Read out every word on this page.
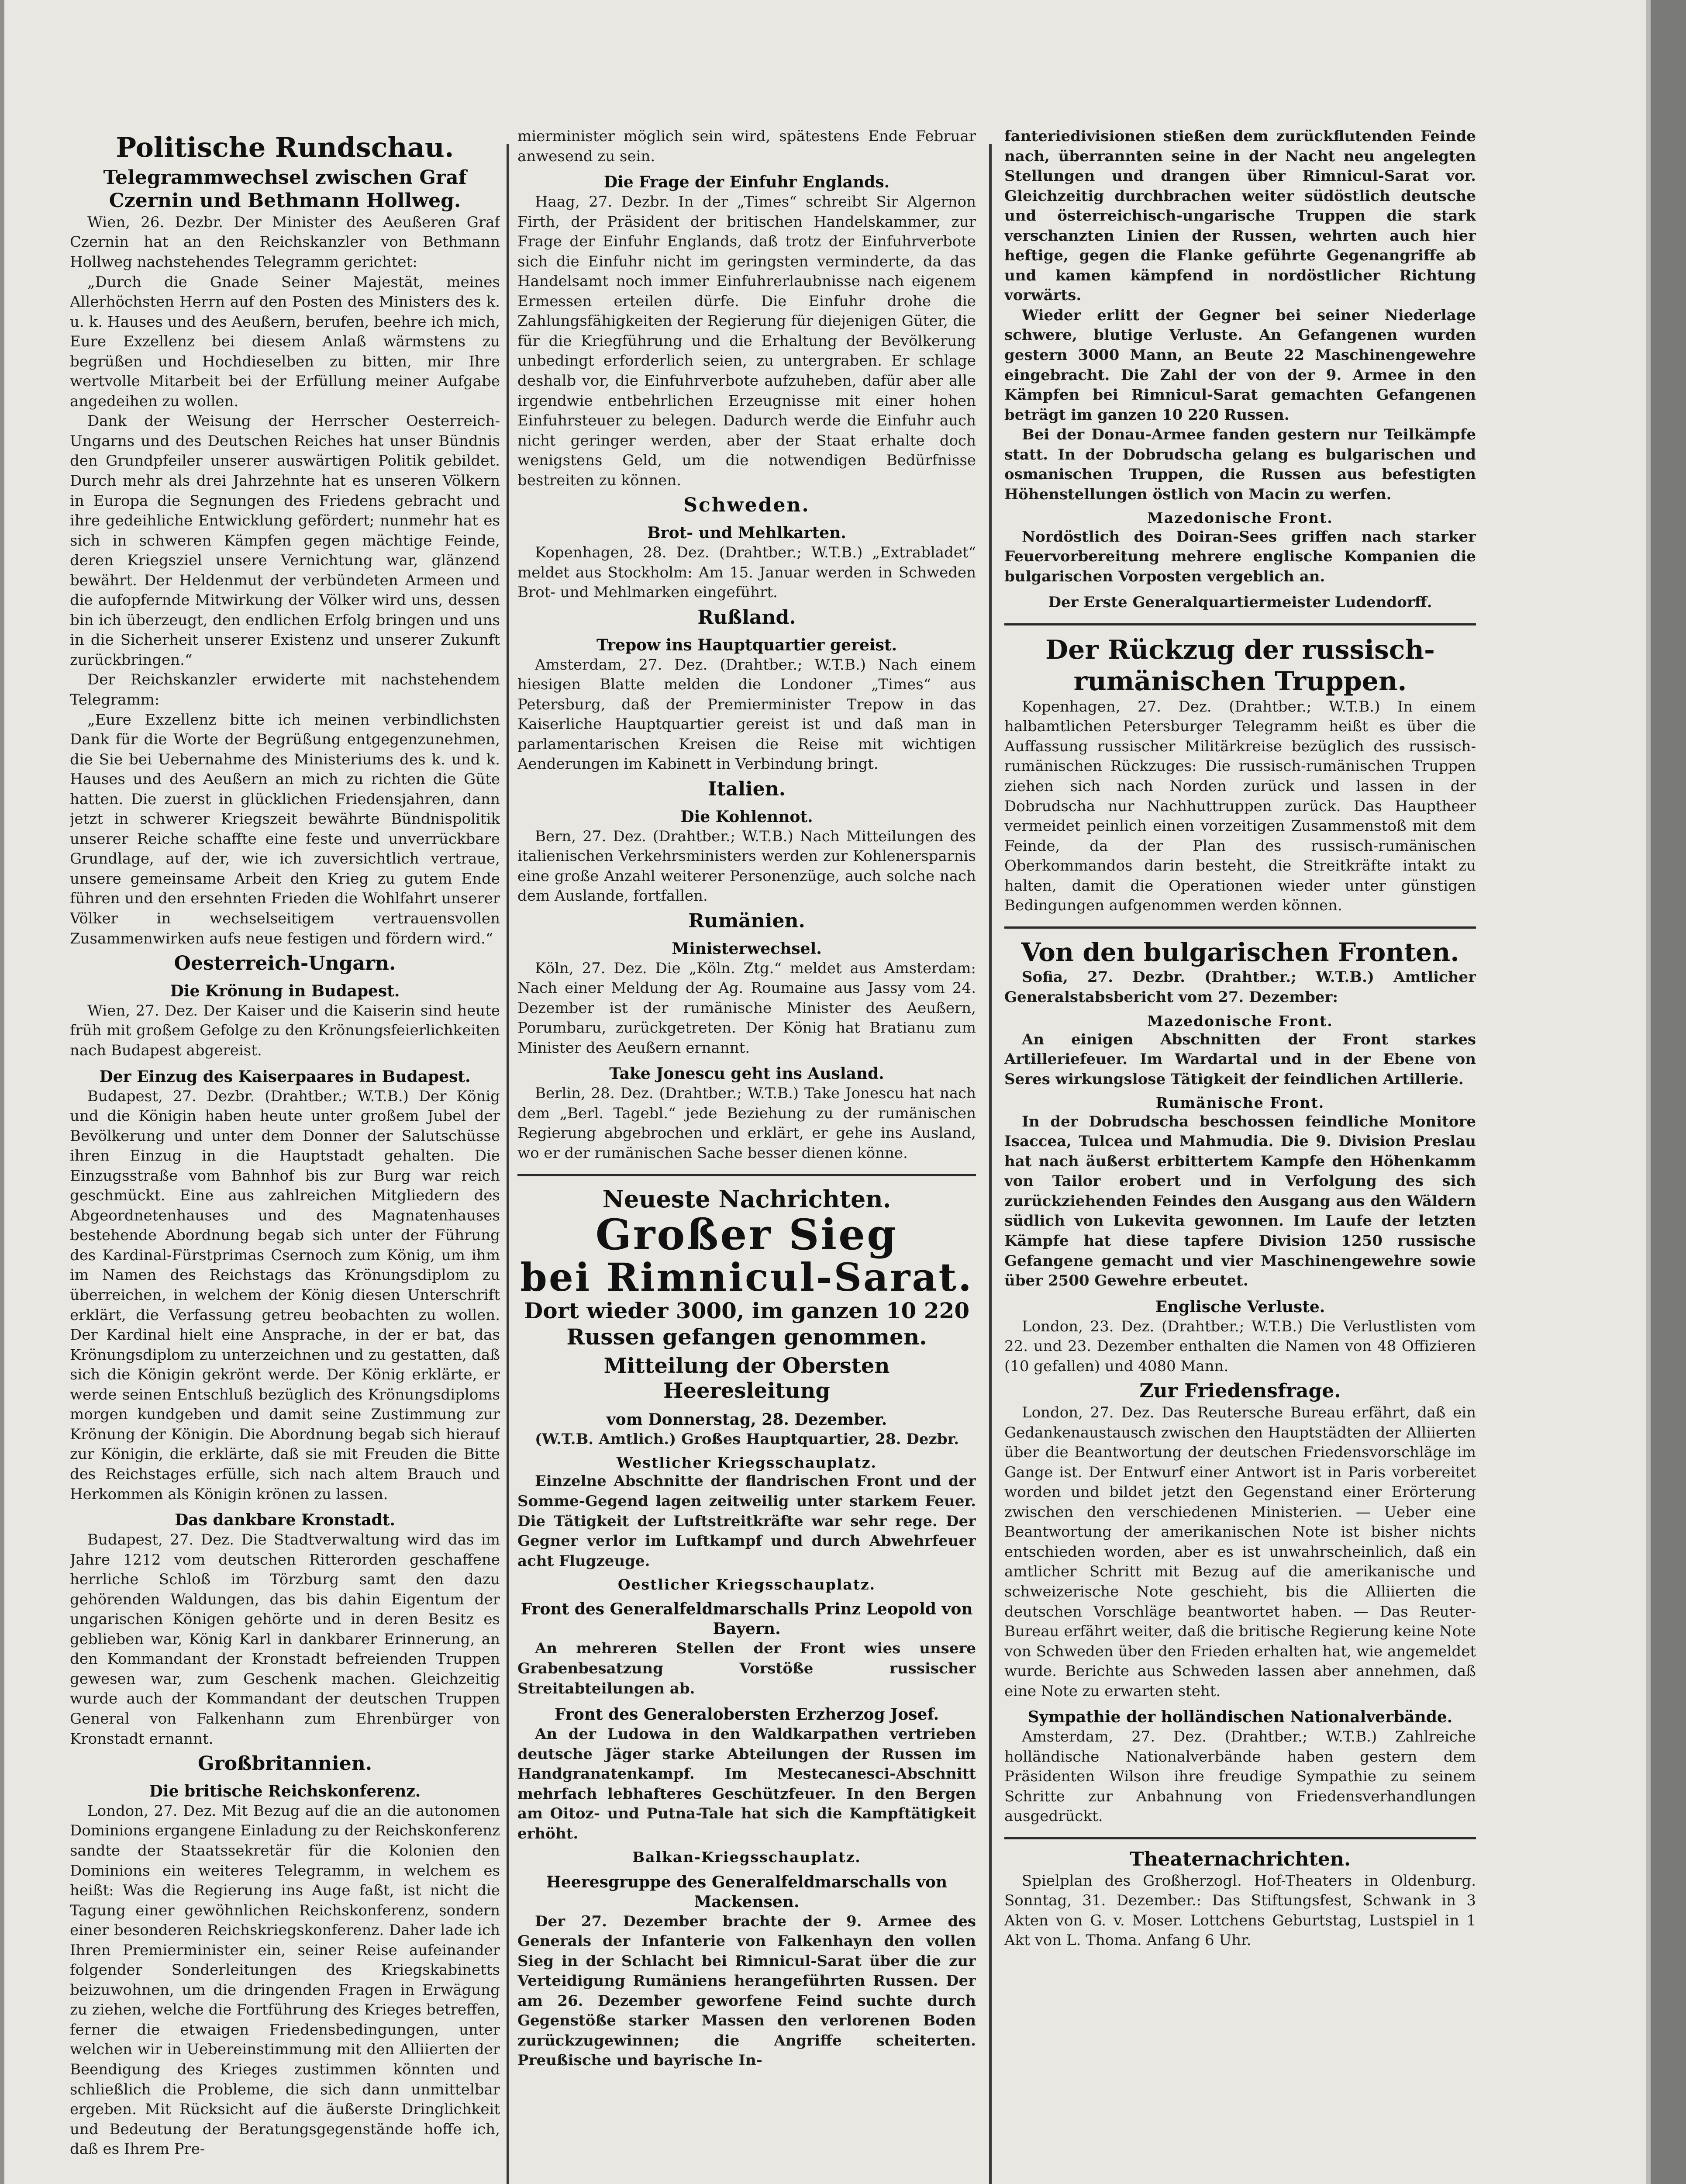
Politische Rundschau.
Telegrammwechsel zwischen Graf Czernin und Bethmann Hollweg.

Wien, 26. Dezbr. Der Minister des Aeußeren Graf Czernin hat an den Reichskanzler von Bethmann Hollweg nachstehendes Telegramm gerichtet:

„Durch die Gnade Seiner Majestät, meines Allerhöchsten Herrn auf den Posten des Ministers des k. u. k. Hauses und des Aeußern, berufen, beehre ich mich, Eure Exzellenz bei diesem Anlaß wärmstens zu begrüßen und Hochdieselben zu bitten, mir Ihre wertvolle Mitarbeit bei der Erfüllung meiner Aufgabe angedeihen zu wollen.

Dank der Weisung der Herrscher Oesterreich-Ungarns und des Deutschen Reiches hat unser Bündnis den Grundpfeiler unserer auswärtigen Politik gebildet. Durch mehr als drei Jahrzehnte hat es unseren Völkern in Europa die Segnungen des Friedens gebracht und ihre gedeihliche Entwicklung gefördert; nunmehr hat es sich in schweren Kämpfen gegen mächtige Feinde, deren Kriegsziel unsere Vernichtung war, glänzend bewährt. Der Heldenmut der verbündeten Armeen und die aufopfernde Mitwirkung der Völker wird uns, dessen bin ich überzeugt, den endlichen Erfolg bringen und uns in die Sicherheit unserer Existenz und unserer Zukunft zurückbringen.“

Der Reichskanzler erwiderte mit nachstehendem Telegramm:

„Eure Exzellenz bitte ich meinen verbindlichsten Dank für die Worte der Begrüßung entgegenzunehmen, die Sie bei Uebernahme des Ministeriums des k. und k. Hauses und des Aeußern an mich zu richten die Güte hatten. Die zuerst in glücklichen Friedensjahren, dann jetzt in schwerer Kriegszeit bewährte Bündnispolitik unserer Reiche schaffte eine feste und unverrückbare Grundlage, auf der, wie ich zuversichtlich vertraue, unsere gemeinsame Arbeit den Krieg zu gutem Ende führen und den ersehnten Frieden die Wohlfahrt unserer Völker in wechselseitigem vertrauensvollen Zusammenwirken aufs neue festigen und fördern wird.“

Oesterreich-Ungarn.
Die Krönung in Budapest.

Wien, 27. Dez. Der Kaiser und die Kaiserin sind heute früh mit großem Gefolge zu den Krönungsfeierlichkeiten nach Budapest abgereist.

Der Einzug des Kaiserpaares in Budapest.

Budapest, 27. Dezbr. (Drahtber.; W.T.B.) Der König und die Königin haben heute unter großem Jubel der Bevölkerung und unter dem Donner der Salutschüsse ihren Einzug in die Hauptstadt gehalten. Die Einzugsstraße vom Bahnhof bis zur Burg war reich geschmückt. Eine aus zahlreichen Mitgliedern des Abgeordnetenhauses und des Magnatenhauses bestehende Abordnung begab sich unter der Führung des Kardinal-Fürstprimas Csernoch zum König, um ihm im Namen des Reichstags das Krönungsdiplom zu überreichen, in welchem der König diesen Unterschrift erklärt, die Verfassung getreu beobachten zu wollen. Der Kardinal hielt eine Ansprache, in der er bat, das Krönungsdiplom zu unterzeichnen und zu gestatten, daß sich die Königin gekrönt werde. Der König erklärte, er werde seinen Entschluß bezüglich des Krönungsdiploms morgen kundgeben und damit seine Zustimmung zur Krönung der Königin. Die Abordnung begab sich hierauf zur Königin, die erklärte, daß sie mit Freuden die Bitte des Reichstages erfülle, sich nach altem Brauch und Herkommen als Königin krönen zu lassen.

Das dankbare Kronstadt.

Budapest, 27. Dez. Die Stadtverwaltung wird das im Jahre 1212 vom deutschen Ritterorden geschaffene herrliche Schloß im Törzburg samt den dazu gehörenden Waldungen, das bis dahin Eigentum der ungarischen Königen gehörte und in deren Besitz es geblieben war, König Karl in dankbarer Erinnerung, an den Kommandant der Kronstadt befreienden Truppen gewesen war, zum Geschenk machen. Gleichzeitig wurde auch der Kommandant der deutschen Truppen General von Falkenhann zum Ehrenbürger von Kronstadt ernannt.

Großbritannien.
Die britische Reichskonferenz.

London, 27. Dez. Mit Bezug auf die an die autonomen Dominions ergangene Einladung zu der Reichskonferenz sandte der Staatssekretär für die Kolonien den Dominions ein weiteres Telegramm, in welchem es heißt: Was die Regierung ins Auge faßt, ist nicht die Tagung einer gewöhnlichen Reichskonferenz, sondern einer besonderen Reichskriegskonferenz. Daher lade ich Ihren Premierminister ein, seiner Reise aufeinander folgender Sonderleitungen des Kriegskabinetts beizuwohnen, um die dringenden Fragen in Erwägung zu ziehen, welche die Fortführung des Krieges betreffen, ferner die etwaigen Friedensbedingungen, unter welchen wir in Uebereinstimmung mit den Alliierten der Beendigung des Krieges zustimmen könnten und schließlich die Probleme, die sich dann unmittelbar ergeben. Mit Rücksicht auf die äußerste Dringlichkeit und Bedeutung der Beratungsgegenstände hoffe ich, daß es Ihrem Pre-

mierminister möglich sein wird, spätestens Ende Februar anwesend zu sein.

Die Frage der Einfuhr Englands.

Haag, 27. Dezbr. In der „Times“ schreibt Sir Algernon Firth, der Präsident der britischen Handelskammer, zur Frage der Einfuhr Englands, daß trotz der Einfuhrverbote sich die Einfuhr nicht im geringsten verminderte, da das Handelsamt noch immer Einfuhrerlaubnisse nach eigenem Ermessen erteilen dürfe. Die Einfuhr drohe die Zahlungsfähigkeiten der Regierung für diejenigen Güter, die für die Kriegführung und die Erhaltung der Bevölkerung unbedingt erforderlich seien, zu untergraben. Er schlage deshalb vor, die Einfuhrverbote aufzuheben, dafür aber alle irgendwie entbehrlichen Erzeugnisse mit einer hohen Einfuhrsteuer zu belegen. Dadurch werde die Einfuhr auch nicht geringer werden, aber der Staat erhalte doch wenigstens Geld, um die notwendigen Bedürfnisse bestreiten zu können.

Schweden.
Brot- und Mehlkarten.

Kopenhagen, 28. Dez. (Drahtber.; W.T.B.) „Extrabladet“ meldet aus Stockholm: Am 15. Januar werden in Schweden Brot- und Mehlmarken eingeführt.

Rußland.
Trepow ins Hauptquartier gereist.

Amsterdam, 27. Dez. (Drahtber.; W.T.B.) Nach einem hiesigen Blatte melden die Londoner „Times“ aus Petersburg, daß der Premierminister Trepow in das Kaiserliche Hauptquartier gereist ist und daß man in parlamentarischen Kreisen die Reise mit wichtigen Aenderungen im Kabinett in Verbindung bringt.

Italien.
Die Kohlennot.

Bern, 27. Dez. (Drahtber.; W.T.B.) Nach Mitteilungen des italienischen Verkehrsministers werden zur Kohlenersparnis eine große Anzahl weiterer Personenzüge, auch solche nach dem Auslande, fortfallen.

Rumänien.
Ministerwechsel.

Köln, 27. Dez. Die „Köln. Ztg.“ meldet aus Amsterdam: Nach einer Meldung der Ag. Roumaine aus Jassy vom 24. Dezember ist der rumänische Minister des Aeußern, Porumbaru, zurückgetreten. Der König hat Bratianu zum Minister des Aeußern ernannt.

Take Jonescu geht ins Ausland.

Berlin, 28. Dez. (Drahtber.; W.T.B.) Take Jonescu hat nach dem „Berl. Tagebl.“ jede Beziehung zu der rumänischen Regierung abgebrochen und erklärt, er gehe ins Ausland, wo er der rumänischen Sache besser dienen könne.

Neueste Nachrichten.
Großer Sieg
bei Rimnicul-Sarat.
Dort wieder 3000, im ganzen 10 220 Russen gefangen genommen.
Mitteilung der Obersten Heeresleitung
vom Donnerstag, 28. Dezember.

(W.T.B. Amtlich.) Großes Hauptquartier, 28. Dezbr.

Westlicher Kriegsschauplatz.

Einzelne Abschnitte der flandrischen Front und der Somme-Gegend lagen zeitweilig unter starkem Feuer. Die Tätigkeit der Luftstreitkräfte war sehr rege. Der Gegner verlor im Luftkampf und durch Abwehrfeuer acht Flugzeuge.

Oestlicher Kriegsschauplatz.
Front des Generalfeldmarschalls Prinz Leopold von Bayern.

An mehreren Stellen der Front wies unsere Grabenbesatzung Vorstöße russischer Streitabteilungen ab.

Front des Generalobersten Erzherzog Josef.

An der Ludowa in den Waldkarpathen vertrieben deutsche Jäger starke Abteilungen der Russen im Handgranatenkampf. Im Mestecanesci-Abschnitt mehrfach lebhafteres Geschützfeuer. In den Bergen am Oitoz- und Putna-Tale hat sich die Kampftätigkeit erhöht.

Balkan-Kriegsschauplatz.
Heeresgruppe des Generalfeldmarschalls von Mackensen.

Der 27. Dezember brachte der 9. Armee des Generals der Infanterie von Falkenhayn den vollen Sieg in der Schlacht bei Rimnicul-Sarat über die zur Verteidigung Rumäniens herangeführten Russen. Der am 26. Dezember geworfene Feind suchte durch Gegenstöße starker Massen den verlorenen Boden zurückzugewinnen; die Angriffe scheiterten. Preußische und bayrische In-

fanteriedivisionen stießen dem zurückflutenden Feinde nach, überrannten seine in der Nacht neu angelegten Stellungen und drangen über Rimnicul-Sarat vor. Gleichzeitig durchbrachen weiter südöstlich deutsche und österreichisch-ungarische Truppen die stark verschanzten Linien der Russen, wehrten auch hier heftige, gegen die Flanke geführte Gegenangriffe ab und kamen kämpfend in nordöstlicher Richtung vorwärts.

Wieder erlitt der Gegner bei seiner Niederlage schwere, blutige Verluste. An Gefangenen wurden gestern 3000 Mann, an Beute 22 Maschinengewehre eingebracht. Die Zahl der von der 9. Armee in den Kämpfen bei Rimnicul-Sarat gemachten Gefangenen beträgt im ganzen 10 220 Russen.

Bei der Donau-Armee fanden gestern nur Teilkämpfe statt. In der Dobrudscha gelang es bulgarischen und osmanischen Truppen, die Russen aus befestigten Höhenstellungen östlich von Macin zu werfen.

Mazedonische Front.

Nordöstlich des Doiran-Sees griffen nach starker Feuervorbereitung mehrere englische Kompanien die bulgarischen Vorposten vergeblich an.

Der Erste Generalquartiermeister Ludendorff.

Der Rückzug der russisch-rumänischen Truppen.

Kopenhagen, 27. Dez. (Drahtber.; W.T.B.) In einem halbamtlichen Petersburger Telegramm heißt es über die Auffassung russischer Militärkreise bezüglich des russisch-rumänischen Rückzuges: Die russisch-rumänischen Truppen ziehen sich nach Norden zurück und lassen in der Dobrudscha nur Nachhuttruppen zurück. Das Hauptheer vermeidet peinlich einen vorzeitigen Zusammenstoß mit dem Feinde, da der Plan des russisch-rumänischen Oberkommandos darin besteht, die Streitkräfte intakt zu halten, damit die Operationen wieder unter günstigen Bedingungen aufgenommen werden können.

Von den bulgarischen Fronten.

Sofia, 27. Dezbr. (Drahtber.; W.T.B.) Amtlicher Generalstabsbericht vom 27. Dezember:

Mazedonische Front.

An einigen Abschnitten der Front starkes Artilleriefeuer. Im Wardartal und in der Ebene von Seres wirkungslose Tätigkeit der feindlichen Artillerie.

Rumänische Front.

In der Dobrudscha beschossen feindliche Monitore Isaccea, Tulcea und Mahmudia. Die 9. Division Preslau hat nach äußerst erbittertem Kampfe den Höhenkamm von Tailor erobert und in Verfolgung des sich zurückziehenden Feindes den Ausgang aus den Wäldern südlich von Lukevita gewonnen. Im Laufe der letzten Kämpfe hat diese tapfere Division 1250 russische Gefangene gemacht und vier Maschinengewehre sowie über 2500 Gewehre erbeutet.

Englische Verluste.

London, 23. Dez. (Drahtber.; W.T.B.) Die Verlustlisten vom 22. und 23. Dezember enthalten die Namen von 48 Offizieren (10 gefallen) und 4080 Mann.

Zur Friedensfrage.

London, 27. Dez. Das Reutersche Bureau erfährt, daß ein Gedankenaustausch zwischen den Hauptstädten der Alliierten über die Beantwortung der deutschen Friedensvorschläge im Gange ist. Der Entwurf einer Antwort ist in Paris vorbereitet worden und bildet jetzt den Gegenstand einer Erörterung zwischen den verschiedenen Ministerien. — Ueber eine Beantwortung der amerikanischen Note ist bisher nichts entschieden worden, aber es ist unwahrscheinlich, daß ein amtlicher Schritt mit Bezug auf die amerikanische und schweizerische Note geschieht, bis die Alliierten die deutschen Vorschläge beantwortet haben. — Das Reuter-Bureau erfährt weiter, daß die britische Regierung keine Note von Schweden über den Frieden erhalten hat, wie angemeldet wurde. Berichte aus Schweden lassen aber annehmen, daß eine Note zu erwarten steht.

Sympathie der holländischen Nationalverbände.

Amsterdam, 27. Dez. (Drahtber.; W.T.B.) Zahlreiche holländische Nationalverbände haben gestern dem Präsidenten Wilson ihre freudige Sympathie zu seinem Schritte zur Anbahnung von Friedensverhandlungen ausgedrückt.

Theaternachrichten.

Spielplan des Großherzogl. Hof-Theaters in Oldenburg. Sonntag, 31. Dezember.: Das Stiftungsfest, Schwank in 3 Akten von G. v. Moser. Lottchens Geburtstag, Lustspiel in 1 Akt von L. Thoma. Anfang 6 Uhr.
